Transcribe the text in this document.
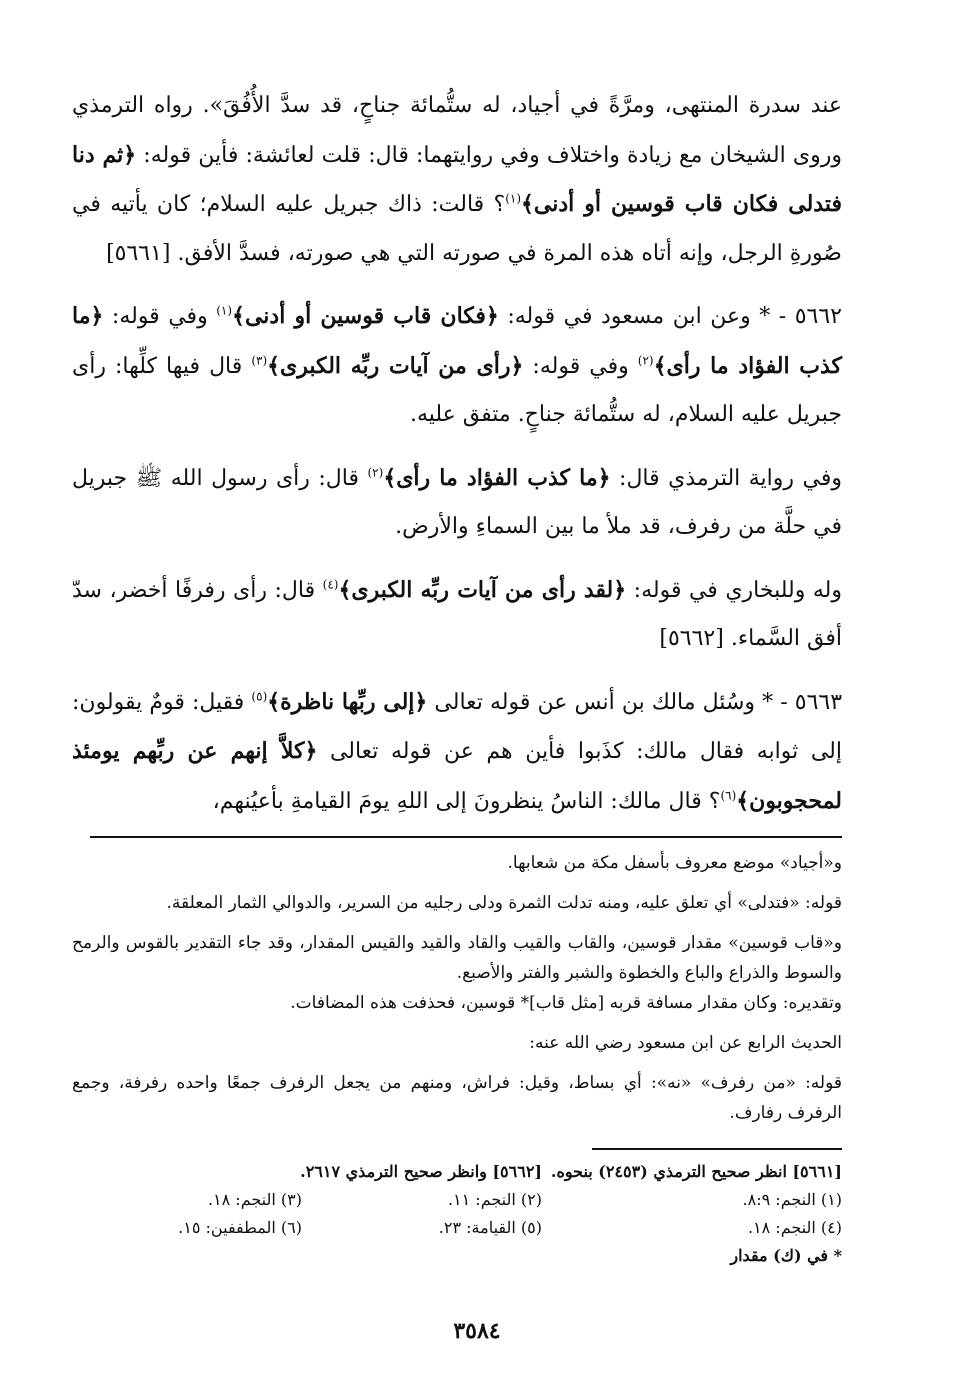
عند سدرة المنتهى، ومرَّةً في أجياد، له ستُّمائة جناحٍ، قد سدَّ الأُفُقَ». رواه الترمذي وروى الشيخان مع زيادة واختلاف وفي روايتهما: قال: قلت لعائشة: فأين قوله: ﴿ثم دنا فتدلى فكان قاب قوسين أو أدنى﴾$^{(١)}$؟ قالت: ذاك جبريل عليه السلام؛ كان يأتيه في صُورةِ الرجل، وإنه أتاه هذه المرة في صورته التي هي صورته، فسدَّ الأفق. [٥٦٦١]

٥٦٦٢ - * وعن ابن مسعود في قوله: ﴿فكان قاب قوسين أو أدنى﴾$^{(١)}$ وفي قوله: ﴿ما كذب الفؤاد ما رأى﴾$^{(٢)}$ وفي قوله: ﴿رأى من آيات ربِّه الكبرى﴾$^{(٣)}$ قال فيها كلِّها: رأى جبريل عليه السلام، له ستُّمائة جناحٍ. متفق عليه.

وفي رواية الترمذي قال: ﴿ما كذب الفؤاد ما رأى﴾$^{(٢)}$ قال: رأى رسول الله ﷺ جبريل في حلَّة من رفرف، قد ملأ ما بين السماءِ والأرض.

وله وللبخاري في قوله: ﴿لقد رأى من آيات ربِّه الكبرى﴾$^{(٤)}$ قال: رأى رفرفًا أخضر، سدّ أفق السَّماء. [٥٦٦٢]

٥٦٦٣ - * وسُئل مالك بن أنس عن قوله تعالى ﴿إلى ربِّها ناظرة﴾$^{(٥)}$ فقيل: قومٌ يقولون: إلى ثوابه فقال مالك: كذَبوا فأين هم عن قوله تعالى ﴿كلاَّ إنهم عن ربِّهم يومئذ لمحجوبون﴾$^{(٦)}$؟ قال مالك: الناسُ ينظرونَ إلى اللهِ يومَ القيامةِ بأعيُنهم،

و«أجياد» موضع معروف بأسفل مكة من شعابها.

قوله: «فتدلى» أي تعلق عليه، ومنه تدلت الثمرة ودلى رجليه من السرير، والدوالي الثمار المعلقة.

و«قاب قوسين» مقدار قوسين، والقاب والقيب والقاد والقيد والقيس المقدار، وقد جاء التقدير بالقوس والرمح والسوط والذراع والباع والخطوة والشبر والفتر والأصبع.

وتقديره: وكان مقدار مسافة قربه [مثل قاب]* قوسين، فحذفت هذه المضافات.

الحديث الرابع عن ابن مسعود رضي الله عنه:

قوله: «من رفرف» «نه»: أي بساط، وقيل: فراش، ومنهم من يجعل الرفرف جمعًا واحده رفرفة، وجمع الرفرف رفارف.

[٥٦٦١] انظر صحيح الترمذي (٢٤٥٣) بنحوه.
[٥٦٦٢] وانظر صحيح الترمذي ٢٦١٧.
(١) النجم: ٨:٩.
(٢) النجم: ١١.
(٣) النجم: ١٨.
(٤) النجم: ١٨.
(٥) القيامة: ٢٣.
(٦) المطففين: ١٥.
* في (ك) مقدار
٣٥٨٤
